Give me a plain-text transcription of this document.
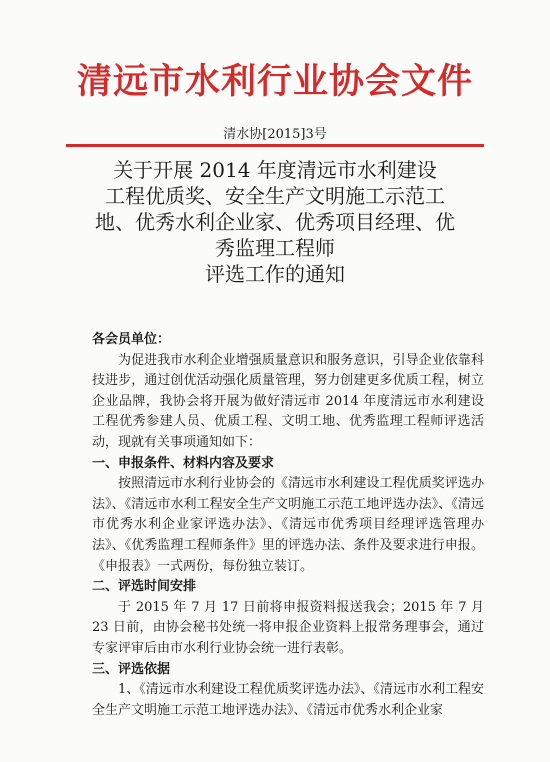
清远市水利行业协会文件
清水协[2015]3号
关于开展 2014 年度清远市水利建设
工程优质奖、安全生产文明施工示范工
地、优秀水利企业家、优秀项目经理、优
秀监理工程师
评选工作的通知

各会员单位：

为促进我市水利企业增强质量意识和服务意识，引导企业依靠科技进步，通过创优活动强化质量管理，努力创建更多优质工程，树立企业品牌，我协会将开展为做好清远市 2014 年度清远市水利建设工程优秀参建人员、优质工程、文明工地、优秀监理工程师评选活动，现就有关事项通知如下：

一、申报条件、材料内容及要求

按照清远市水利行业协会的《清远市水利建设工程优质奖评选办法》、《清远市水利工程安全生产文明施工示范工地评选办法》、《清远市优秀水利企业家评选办法》、《清远市优秀项目经理评选管理办法》、《优秀监理工程师条件》里的评选办法、条件及要求进行申报。《申报表》一式两份，每份独立装订。

二、评选时间安排

于 2015 年 7 月 17 日前将申报资料报送我会；2015 年 7 月 23 日前，由协会秘书处统一将申报企业资料上报常务理事会，通过专家评审后由市水利行业协会统一进行表彰。

三、评选依据

1、《清远市水利建设工程优质奖评选办法》、《清远市水利工程安全生产文明施工示范工地评选办法》、《清远市优秀水利企业家
